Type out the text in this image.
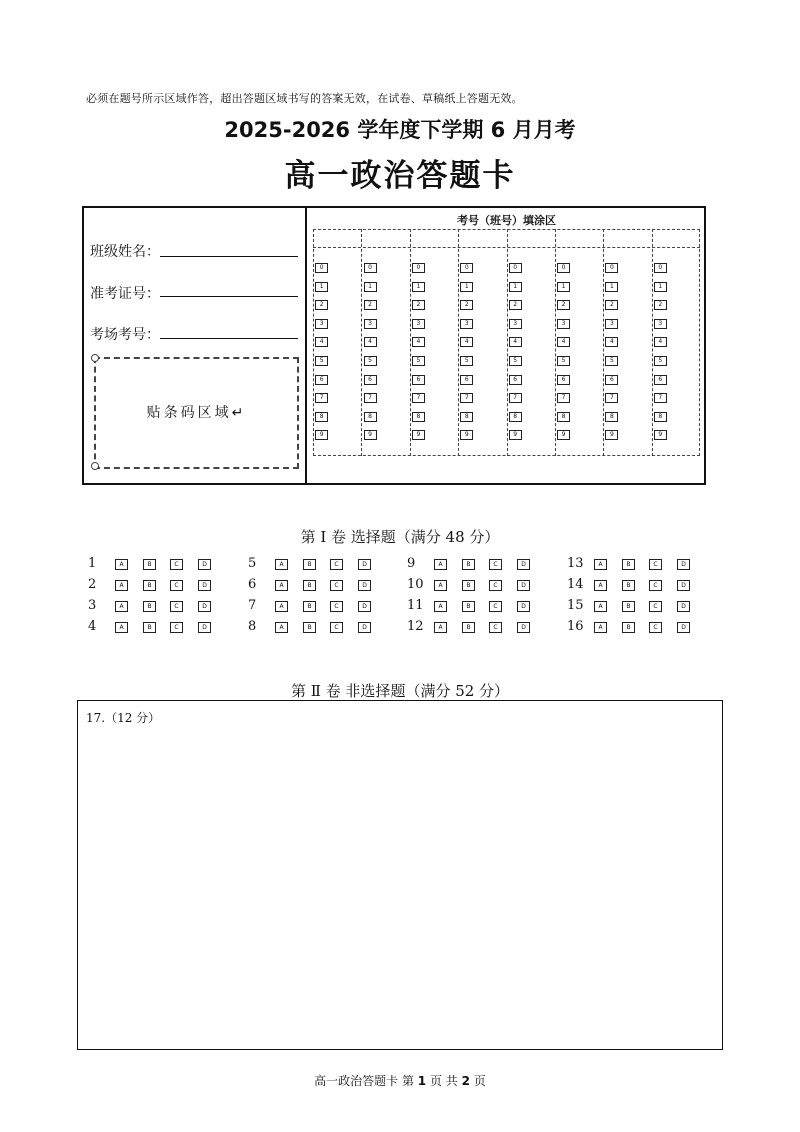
必须在题号所示区域作答，超出答题区域书写的答案无效，在试卷、草稿纸上答题无效。
2025-2026 学年度下学期 6 月月考
高一政治答题卡
班级姓名：
准考证号：
考场考号：
贴条码区域↵
考号（班号）填涂区
0	0	0	0	0	0	0	0
1	1	1	1	1	1	1	1
2	2	2	2	2	2	2	2
3	3	3	3	3	3	3	3
4	4	4	4	4	4	4	4
5	5	5	5	5	5	5	5
6	6	6	6	6	6	6	6
7	7	7	7	7	7	7	7
8	8	8	8	8	8	8	8
9	9	9	9	9	9	9	9
第 Ⅰ 卷 选择题（满分 48 分）
1	A	B	C	D
2	A	B	C	D
3	A	B	C	D
4	A	B	C	D
5	A	B	C	D
6	A	B	C	D
7	A	B	C	D
8	A	B	C	D
9	A	B	C	D
10	A	B	C	D
11	A	B	C	D
12	A	B	C	D
13	A	B	C	D
14	A	B	C	D
15	A	B	C	D
16	A	B	C	D
第 Ⅱ 卷 非选择题（满分 52 分）
17.（12 分）
高一政治答题卡 第 1 页 共 2 页
